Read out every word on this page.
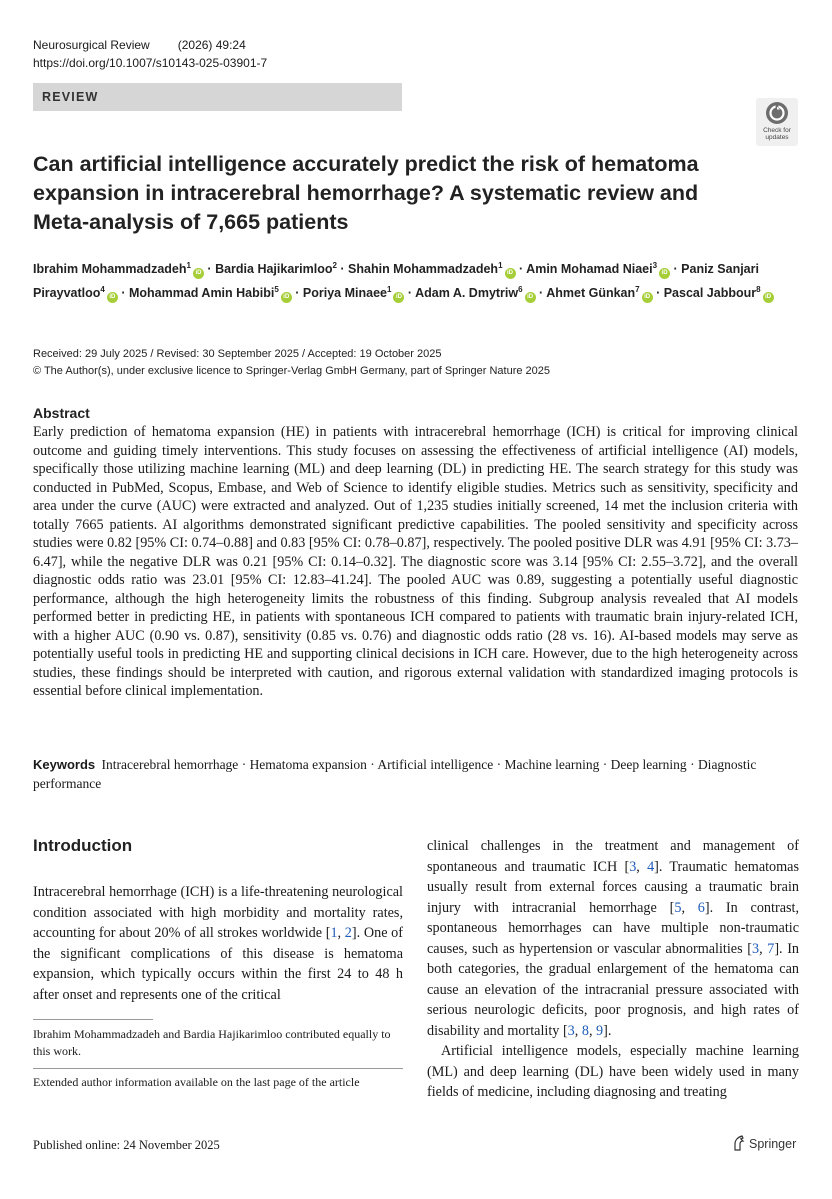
Neurosurgical Review (2026) 49:24
https://doi.org/10.1007/s10143-025-03901-7
REVIEW
Check for
updates
Can artificial intelligence accurately predict the risk of hematoma expansion in intracerebral hemorrhage? A systematic review and Meta-analysis of 7,665 patients
Ibrahim Mohammadzadeh$^1$iD · Bardia Hajikarimloo$^2$ · Shahin Mohammadzadeh$^1$iD · Amin Mohamad Niaei$^3$iD · Paniz Sanjari Pirayvatloo$^4$iD · Mohammad Amin Habibi$^5$iD · Poriya Minaee$^1$iD · Adam A. Dmytriw$^6$iD · Ahmet Günkan$^7$iD · Pascal Jabbour$^8$iD
Received: 29 July 2025 / Revised: 30 September 2025 / Accepted: 19 October 2025
© The Author(s), under exclusive licence to Springer-Verlag GmbH Germany, part of Springer Nature 2025
Abstract

Early prediction of hematoma expansion (HE) in patients with intracerebral hemorrhage (ICH) is critical for improving clinical outcome and guiding timely interventions. This study focuses on assessing the effectiveness of artificial intelligence (AI) models, specifically those utilizing machine learning (ML) and deep learning (DL) in predicting HE. The search strategy for this study was conducted in PubMed, Scopus, Embase, and Web of Science to identify eligible studies. Metrics such as sensitivity, specificity and area under the curve (AUC) were extracted and analyzed. Out of 1,235 studies initially screened, 14 met the inclusion criteria with totally 7665 patients. AI algorithms demonstrated significant predictive capabilities. The pooled sensitivity and specificity across studies were 0.82 [95% CI: 0.74–0.88] and 0.83 [95% CI: 0.78–0.87], respectively. The pooled positive DLR was 4.91 [95% CI: 3.73–6.47], while the negative DLR was 0.21 [95% CI: 0.14–0.32]. The diagnostic score was 3.14 [95% CI: 2.55–3.72], and the overall diagnostic odds ratio was 23.01 [95% CI: 12.83–41.24]. The pooled AUC was 0.89, suggesting a potentially useful diagnostic performance, although the high heterogeneity limits the robustness of this finding. Subgroup analysis revealed that AI models performed better in predicting HE, in patients with spontaneous ICH compared to patients with traumatic brain injury-related ICH, with a higher AUC (0.90 vs. 0.87), sensitivity (0.85 vs. 0.76) and diagnostic odds ratio (28 vs. 16). AI-based models may serve as potentially useful tools in predicting HE and supporting clinical decisions in ICH care. However, due to the high heterogeneity across studies, these findings should be interpreted with caution, and rigorous external validation with standardized imaging protocols is essential before clinical implementation.

Keywords Intracerebral hemorrhage · Hematoma expansion · Artificial intelligence · Machine learning · Deep learning · Diagnostic performance
Introduction

Intracerebral hemorrhage (ICH) is a life-threatening neurological condition associated with high morbidity and mortality rates, accounting for about 20% of all strokes worldwide [1, 2]. One of the significant complications of this disease is hematoma expansion, which typically occurs within the first 24 to 48 h after onset and represents one of the critical

clinical challenges in the treatment and management of spontaneous and traumatic ICH [3, 4]. Traumatic hematomas usually result from external forces causing a traumatic brain injury with intracranial hemorrhage [5, 6]. In contrast, spontaneous hemorrhages can have multiple non-traumatic causes, such as hypertension or vascular abnormalities [3, 7]. In both categories, the gradual enlargement of the hematoma can cause an elevation of the intracranial pressure associated with serious neurologic deficits, poor prognosis, and high rates of disability and mortality [3, 8, 9].

Artificial intelligence models, especially machine learning (ML) and deep learning (DL) have been widely used in many fields of medicine, including diagnosing and treating

Ibrahim Mohammadzadeh and Bardia Hajikarimloo contributed equally to this work.
Extended author information available on the last page of the article
Published online: 24 November 2025	Springer
